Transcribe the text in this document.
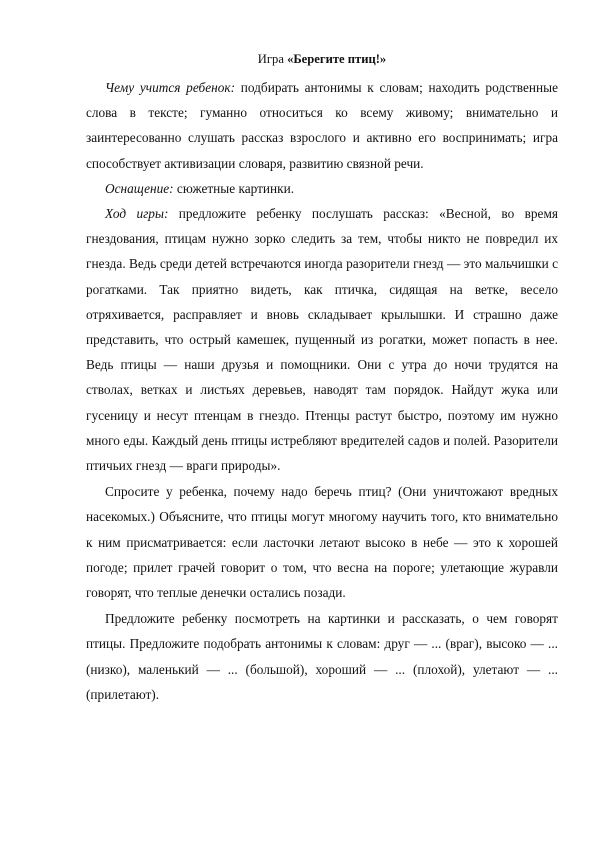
Игра «Берегите птиц!»

Чему учится ребенок: подбирать антонимы к словам; находить родственные слова в тексте; гуманно относиться ко всему живому; внимательно и заинтересованно слушать рассказ взрослого и активно его воспринимать; игра способствует активизации словаря, развитию связной речи.

Оснащение: сюжетные картинки.

Ход игры: предложите ребенку послушать рассказ: «Весной, во время гнездования, птицам нужно зорко следить за тем, чтобы никто не повредил их гнезда. Ведь среди детей встречаются иногда разорители гнезд — это мальчишки с рогатками. Так приятно видеть, как птичка, сидящая на ветке, весело отряхивается, расправляет и вновь складывает крылышки. И страшно даже представить, что острый камешек, пущенный из рогатки, может попасть в нее. Ведь птицы — наши друзья и помощники. Они с утра до ночи трудятся на стволах, ветках и листьях деревьев, наводят там порядок. Найдут жука или гусеницу и несут птенцам в гнездо. Птенцы растут быстро, поэтому им нужно много еды. Каждый день птицы истребляют вредителей садов и полей. Разорители птичьих гнезд — враги природы».

Спросите у ребенка, почему надо беречь птиц? (Они уничтожают вредных насекомых.) Объясните, что птицы могут многому научить того, кто внимательно к ним присматривается: если ласточки летают высоко в небе — это к хорошей погоде; прилет грачей говорит о том, что весна на пороге; улетающие журавли говорят, что теплые денечки остались позади.

Предложите ребенку посмотреть на картинки и рассказать, о чем говорят птицы. Предложите подобрать антонимы к словам: друг — ... (враг), высоко — ... (низко), маленький — ... (большой), хороший — ... (плохой), улетают — ... (прилетают).
